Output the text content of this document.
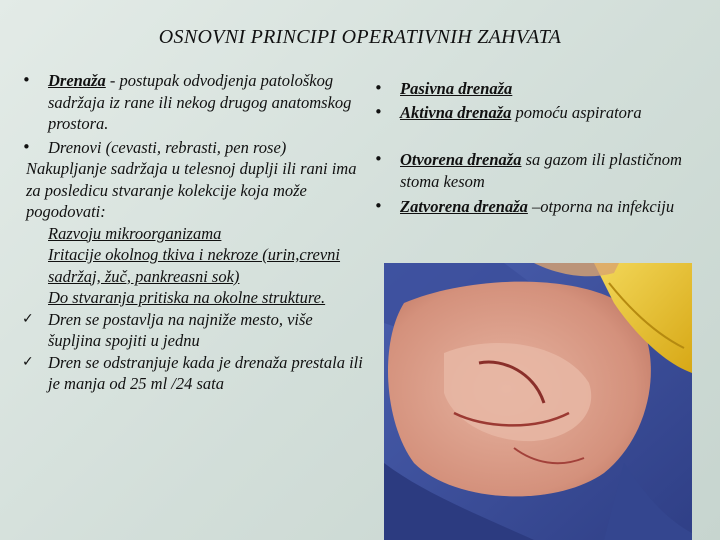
OSNOVNI PRINCIPI OPERATIVNIH ZAHVATA
•	Drenaža - postupak odvodjenja patološkog sadržaja iz rane ili nekog drugog anatomskog prostora.
•	Drenovi (cevasti, rebrasti, pen rose)
Nakupljanje sadržaja u telesnoj duplji ili rani ima za posledicu stvaranje kolekcije koja može pogodovati:
Razvoju mikroorganizama
Iritacije okolnog tkiva i nekroze (urin,crevni sadržaj, žuč, pankreasni sok)
Do stvaranja pritiska na okolne strukture.
✓ Dren se postavlja na najniže mesto, više šupljina spojiti u jednu
✓ Dren se odstranjuje kada je drenaža prestala ili je manja od 25 ml /24 sata
•	Pasivna drenaža
•	Aktivna drenaža pomoću aspiratora
•	Otvorena drenaža sa gazom ili plastičnom stoma kesom
•	Zatvorena drenaža –otporna na infekciju
